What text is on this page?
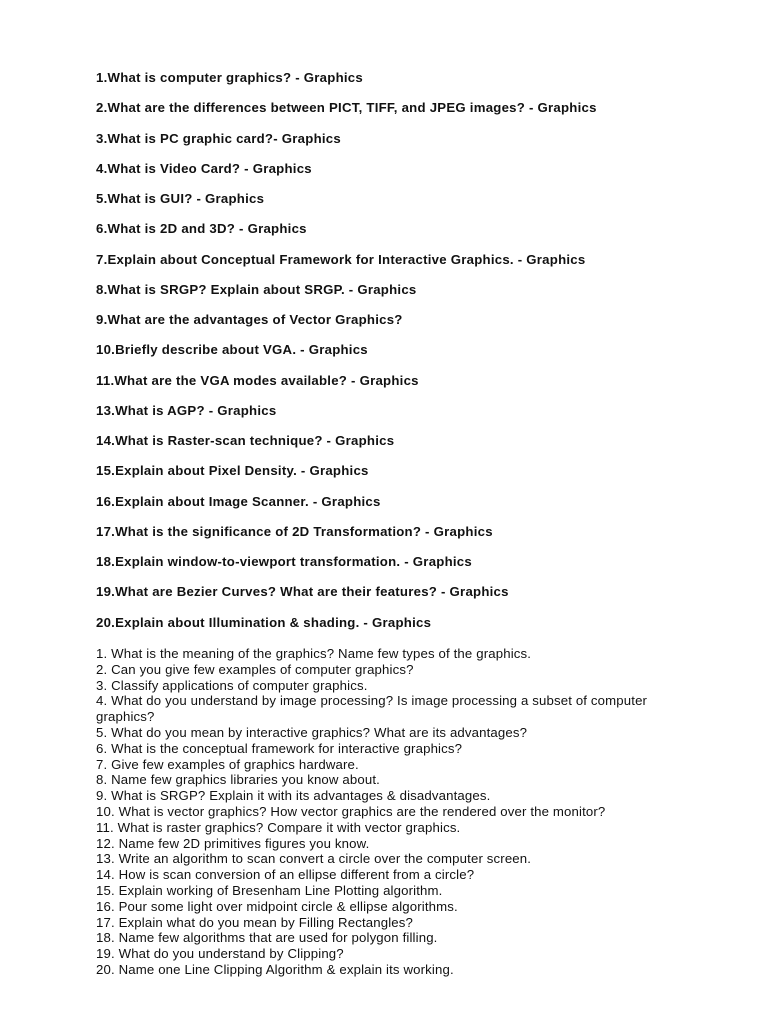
1.What is computer graphics? - Graphics
2.What are the differences between PICT, TIFF, and JPEG images? - Graphics
3.What is PC graphic card?- Graphics
4.What is Video Card? - Graphics
5.What is GUI? - Graphics
6.What is 2D and 3D? - Graphics
7.Explain about Conceptual Framework for Interactive Graphics. - Graphics
8.What is SRGP? Explain about SRGP. - Graphics
9.What are the advantages of Vector Graphics?
10.Briefly describe about VGA. - Graphics
11.What are the VGA modes available? - Graphics
13.What is AGP? - Graphics
14.What is Raster-scan technique? - Graphics
15.Explain about Pixel Density. - Graphics
16.Explain about Image Scanner. - Graphics
17.What is the significance of 2D Transformation? - Graphics
18.Explain window-to-viewport transformation. - Graphics
19.What are Bezier Curves? What are their features? - Graphics
20.Explain about Illumination & shading. - Graphics
1. What is the meaning of the graphics? Name few types of the graphics.
2. Can you give few examples of computer graphics?
3. Classify applications of computer graphics.
4. What do you understand by image processing? Is image processing a subset of computer graphics?
5. What do you mean by interactive graphics? What are its advantages?
6. What is the conceptual framework for interactive graphics?
7. Give few examples of graphics hardware.
8. Name few graphics libraries you know about.
9. What is SRGP? Explain it with its advantages & disadvantages.
10. What is vector graphics? How vector graphics are the rendered over the monitor?
11. What is raster graphics? Compare it with vector graphics.
12. Name few 2D primitives figures you know.
13. Write an algorithm to scan convert a circle over the computer screen.
14. How is scan conversion of an ellipse different from a circle?
15. Explain working of Bresenham Line Plotting algorithm.
16. Pour some light over midpoint circle & ellipse algorithms.
17. Explain what do you mean by Filling Rectangles?
18. Name few algorithms that are used for polygon filling.
19. What do you understand by Clipping?
20. Name one Line Clipping Algorithm & explain its working.
